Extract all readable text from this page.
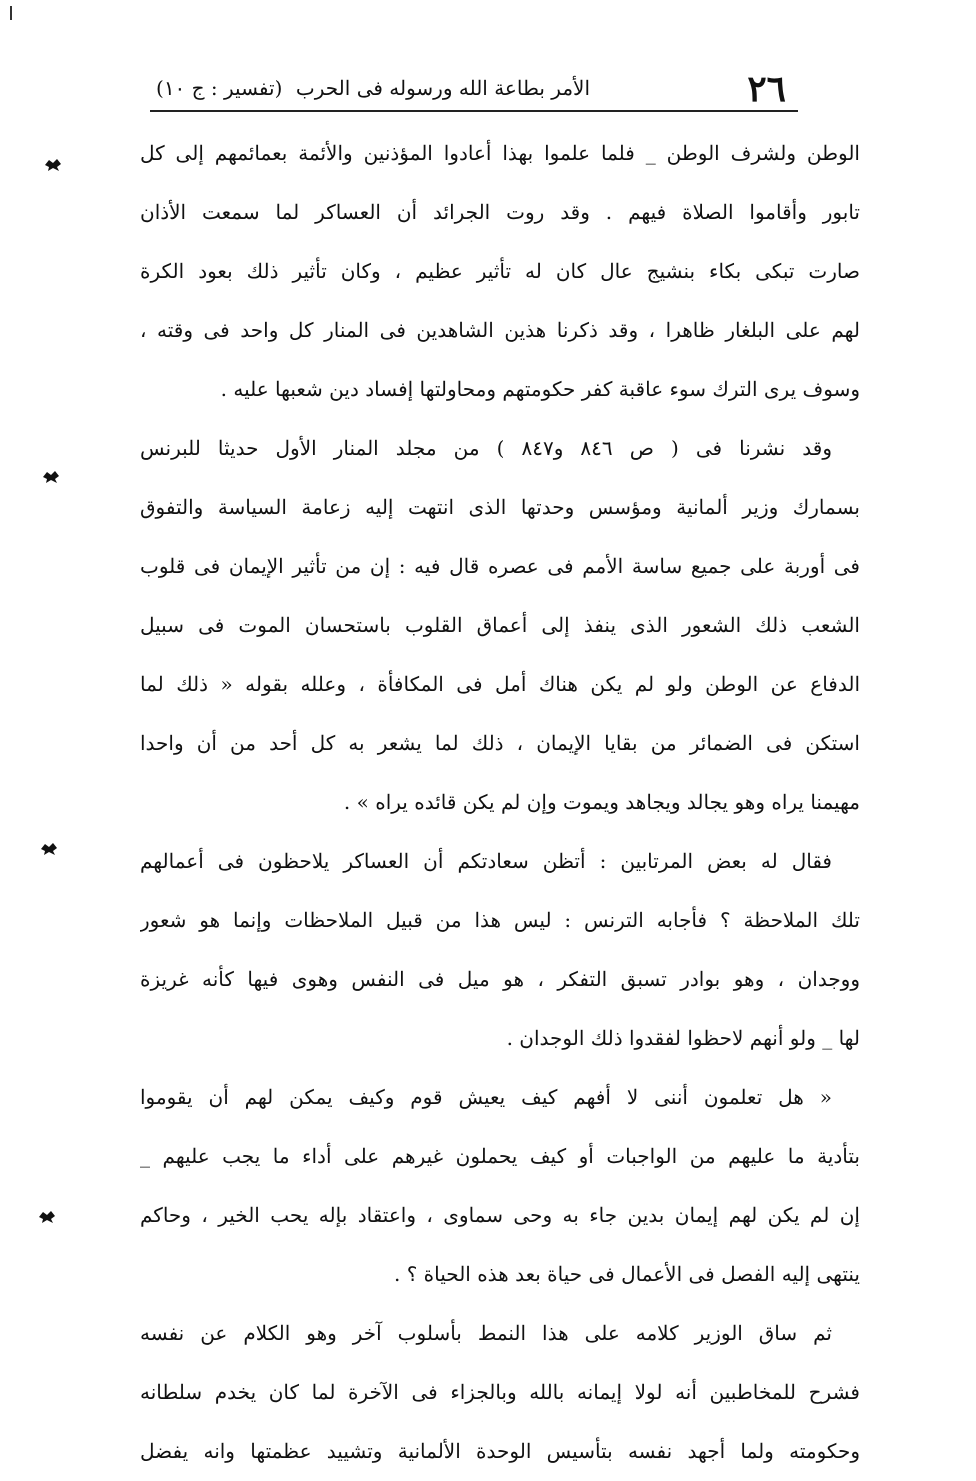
٢٦
الأمر بطاعة الله ورسوله فى الحرب
(تفسير : ج ١٠)
الوطن ولشرف الوطن _ فلما علموا بهذا أعادوا المؤذنين والأئمة بعمائمهم إلى كل
تابور وأقاموا الصلاة فيهم . وقد روت الجرائد أن العساكر لما سمعت الأذان
صارت تبكى بكاء بنشيج عال كان له تأثير عظيم ، وكان تأثير ذلك بعود الكرة
لهم على البلغار ظاهرا ، وقد ذكرنا هذين الشاهدين فى المنار كل واحد فى وقته ،
وسوف يرى الترك سوء عاقبة كفر حكومتهم ومحاولتها إفساد دين شعبها عليه .
وقد نشرنا فى ( ص ٨٤٦ و٨٤٧ ) من مجلد المنار الأول حديثا للبرنس
بسمارك وزير ألمانية ومؤسس وحدتها الذى انتهت إليه زعامة السياسة والتفوق
فى أوربة على جميع ساسة الأمم فى عصره قال فيه : إن من تأثير الإيمان فى قلوب
الشعب ذلك الشعور الذى ينفذ إلى أعماق القلوب باستحسان الموت فى سبيل
الدفاع عن الوطن ولو لم يكن هناك أمل فى المكافأة ، وعلله بقوله « ذلك لما
استكن فى الضمائر من بقايا الإيمان ، ذلك لما يشعر به كل أحد من أن واحدا
مهيمنا يراه وهو يجالد ويجاهد ويموت وإن لم يكن قائده يراه » .
فقال له بعض المرتابين : أتظن سعادتكم أن العساكر يلاحظون فى أعمالهم
تلك الملاحظة ؟ فأجابه الترنس : ليس هذا من قبيل الملاحظات وإنما هو شعور
ووجدان ، وهو بوادر تسبق التفكر ، هو ميل فى النفس وهوى فيها كأنه غريزة
لها _ ولو أنهم لاحظوا لفقدوا ذلك الوجدان .
« هل تعلمون أننى لا أفهم كيف يعيش قوم وكيف يمكن لهم أن يقوموا
بتأدية ما عليهم من الواجبات أو كيف يحملون غيرهم على أداء ما يجب عليهم _
إن لم يكن لهم إيمان بدين جاء به وحى سماوى ، واعتقاد بإله يحب الخير ، وحاكم
ينتهى إليه الفصل فى الأعمال فى حياة بعد هذه الحياة ؟ .
ثم ساق الوزير كلامه على هذا النمط بأسلوب آخر وهو الكلام عن نفسه
فشرح للمخاطبين أنه لولا إيمانه بالله وبالجزاء فى الآخرة لما كان يخدم سلطانه
وحكومته ولما أجهد نفسه بتأسيس الوحدة الألمانية وتشييد عظمتها وانه يفضل
